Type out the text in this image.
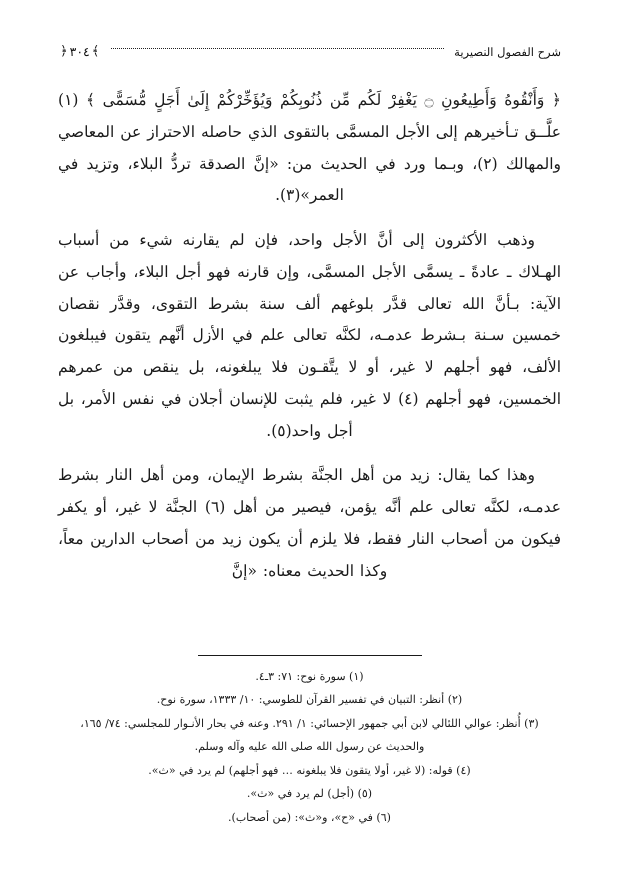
شرح الفصول النصيرية
﴾
٣٠٤
﴿

﴿ وَأَنْقُوهُ وَأَطِيعُونِ ۝ يَغْفِرْ لَكُم مِّن ذُنُوبِكُمْ وَيُؤَخِّرْكُمْ إِلَىٰ أَجَلٍ مُّسَمًّى ﴾ (١) علَّــق تـأخيرهم إلى الأجل المسمَّى بالتقوى الذي حاصله الاحتراز عن المعاصي والمهالك (٢)، وبـما ورد في الحديث من: «إنَّ الصدقة تردُّ البلاء، وتزيد في العمر»(٣).

وذهب الأكثرون إلى أنَّ الأجل واحد، فإن لم يقارنه شيء من أسباب الهـلاك ـ عادةً ـ يسمَّى الأجل المسمَّى، وإن قارنه فهو أجل البلاء، وأجاب عن الآية: بـأنَّ الله تعالى قدَّر بلوغهم ألف سنة بشرط التقوى، وقدَّر نقصان خمسين سـنة بـشرط عدمـه، لكنَّه تعالى علم في الأزل أنَّهم يتقون فيبلغون الألف، فهو أجلهم لا غير، أو لا يتَّقـون فلا يبلغونه، بل ينقص من عمرهم الخمسين، فهو أجلهم (٤) لا غير، فلم يثبت للإنسان أجلان في نفس الأمر، بل أجل واحد(٥).

وهذا كما يقال: زيد من أهل الجنَّة بشرط الإيمان، ومن أهل النار بشرط عدمـه، لكنَّه تعالى علم أنَّه يؤمن، فيصير من أهل (٦) الجنَّة لا غير، أو يكفر فيكون من أصحاب النار فقط، فلا يلزم أن يكون زيد من أصحاب الدارين معاً، وكذا الحديث معناه: «إنَّ

(١) سورة نوح: ٧١: ٣ـ٤.

(٢) أنظر: التبيان في تفسير القرآن للطوسي: ١٠/ ١٣٣٣، سورة نوح.

(٣) أُنظر: عوالي اللئالي لابن أبي جمهور الإحسائي: ١/ ٢٩١. وعنه في بحار الأنـوار للمجلسي: ٧٤/ ١٦٥،

والحديث عن رسول الله صلى الله عليه وآله وسلم.

(٤) قوله: (لا غير، أولا يتقون فلا يبلغونه … فهو أجلهم) لم يرد في «ث».

(٥) (أجل) لم يرد في «ث».

(٦) في «ح»، و«ث»: (من أصحاب).
